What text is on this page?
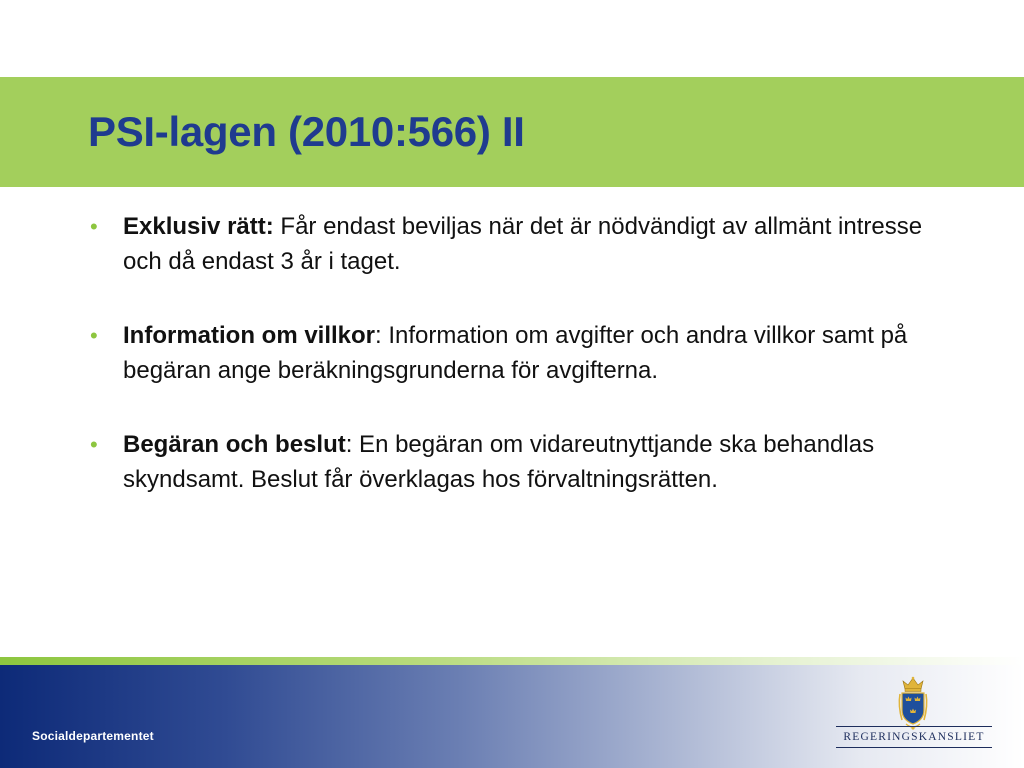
PSI-lagen (2010:566) II
• Exklusiv rätt: Får endast beviljas när det är nödvändigt av allmänt intresse och då endast 3 år i taget.
• Information om villkor: Information om avgifter och andra villkor samt på begäran ange beräkningsgrunderna för avgifterna.
• Begäran och beslut: En begäran om vidareutnyttjande ska behandlas skyndsamt. Beslut får överklagas hos förvaltningsrätten.
Socialdepartementet	REGERINGSKANSLIET
